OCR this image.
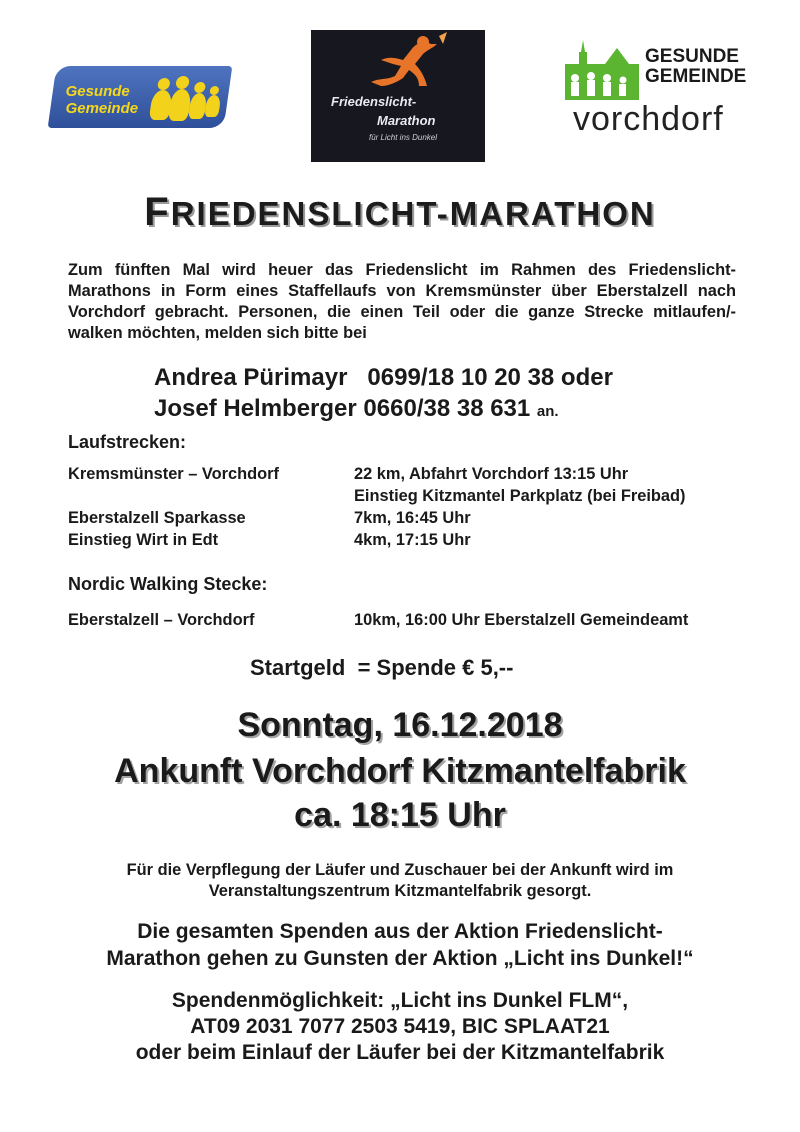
Gesunde
Gemeinde	Friedenslicht-
Marathon
für Licht ins Dunkel
GESUNDE
GEMEINDE
vorchdorf
FRIEDENSLICHT-MARATHON
Zum fünften Mal wird heuer das Friedenslicht im Rahmen des Friedenslicht-Marathons in Form eines Staffellaufs von Kremsmünster über Eberstalzell nach Vorchdorf gebracht. Personen, die einen Teil oder die ganze Strecke mitlaufen/-walken möchten, melden sich bitte bei
Andrea Pürimayr 0699/18 10 20 38 oder
Josef Helmberger 0660/38 38 631 an.
Laufstrecken:
Kremsmünster – Vorchdorf	22 km, Abfahrt Vorchdorf 13:15 Uhr
Einstieg Kitzmantel Parkplatz (bei Freibad)
Eberstalzell Sparkasse	7km, 16:45 Uhr
Einstieg Wirt in Edt	4km, 17:15 Uhr
Nordic Walking Stecke:
Eberstalzell – Vorchdorf	10km, 16:00 Uhr Eberstalzell Gemeindeamt
Startgeld  = Spende € 5,--
Sonntag, 16.12.2018
Ankunft Vorchdorf Kitzmantelfabrik
ca. 18:15 Uhr
Für die Verpflegung der Läufer und Zuschauer bei der Ankunft wird im
Veranstaltungszentrum Kitzmantelfabrik gesorgt.
Die gesamten Spenden aus der Aktion Friedenslicht-
Marathon gehen zu Gunsten der Aktion „Licht ins Dunkel!“
Spendenmöglichkeit: „Licht ins Dunkel FLM“,
AT09 2031 7077 2503 5419, BIC SPLAAT21
oder beim Einlauf der Läufer bei der Kitzmantelfabrik
